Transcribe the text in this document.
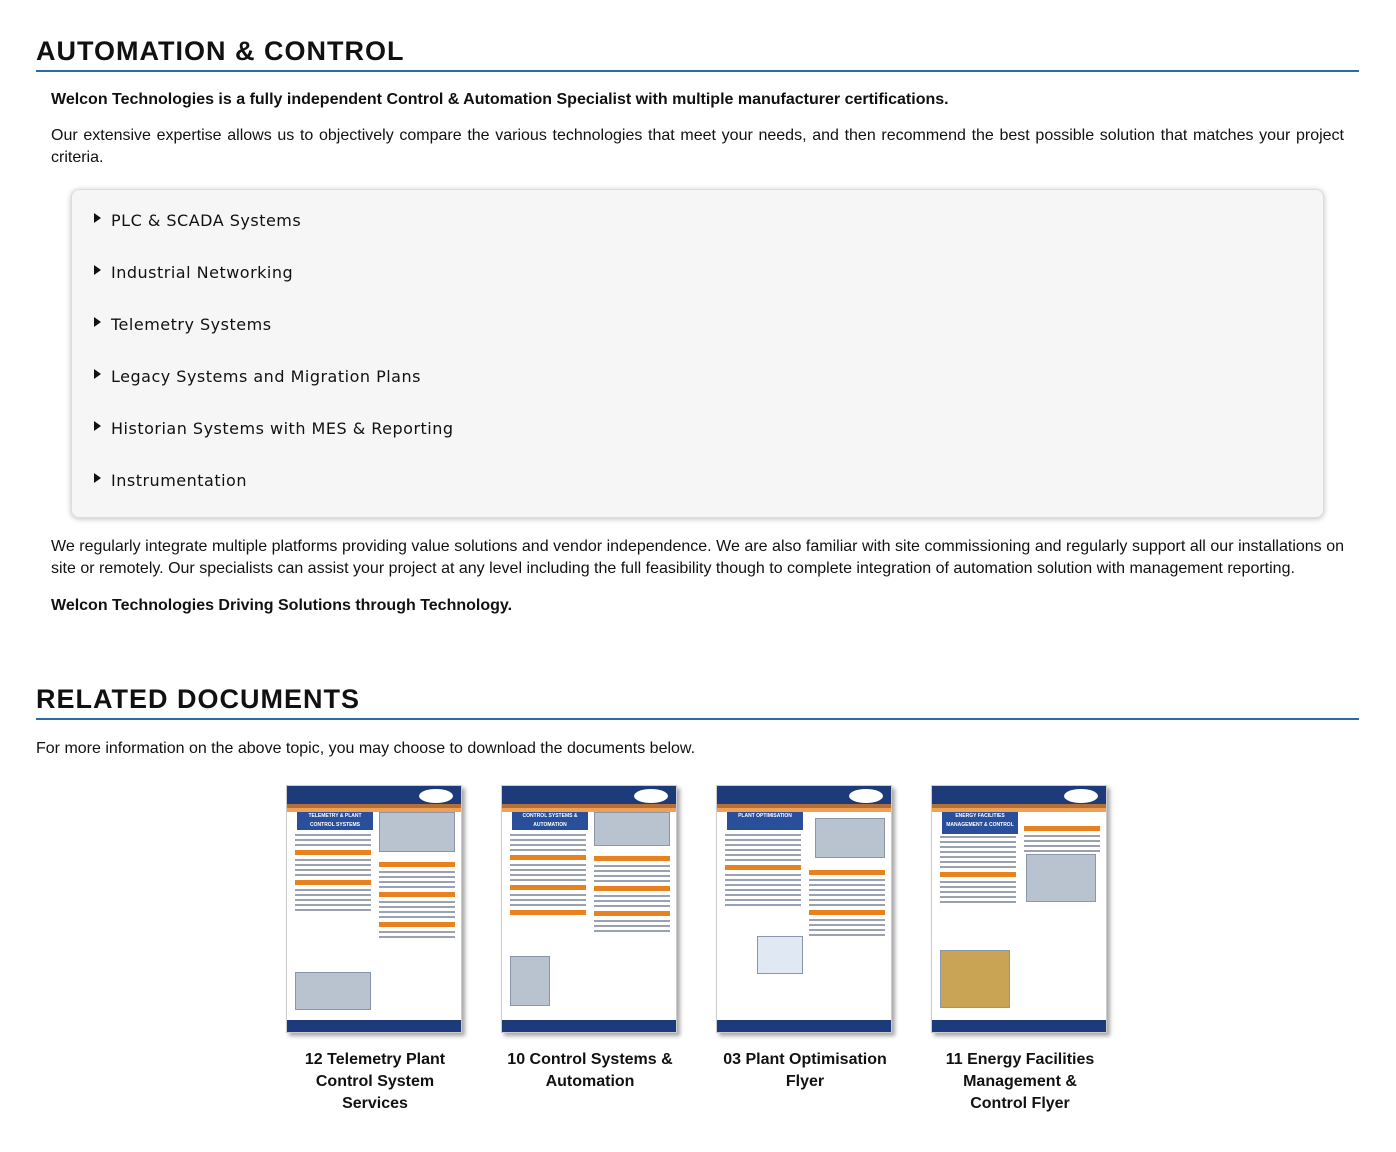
AUTOMATION & CONTROL

Welcon Technologies is a fully independent Control & Automation Specialist with multiple manufacturer certifications.

Our extensive expertise allows us to objectively compare the various technologies that meet your needs, and then recommend the best possible solution that matches your project criteria.

PLC & SCADA Systems
Industrial Networking
Telemetry Systems
Legacy Systems and Migration Plans
Historian Systems with MES & Reporting
Instrumentation

We regularly integrate multiple platforms providing value solutions and vendor independence. We are also familiar with site commissioning and regularly support all our installations on site or remotely. Our specialists can assist your project at any level including the full feasibility though to complete integration of automation solution with management reporting.

Welcon Technologies Driving Solutions through Technology.

RELATED DOCUMENTS

For more information on the above topic, you may choose to download the documents below.

TELEMETRY & PLANT CONTROL SYSTEMS
12 Telemetry Plant Control System Services
CONTROL SYSTEMS & AUTOMATION
10 Control Systems & Automation
PLANT OPTIMISATION
03 Plant Optimisation Flyer
ENERGY FACILITIES MANAGEMENT & CONTROL
11 Energy Facilities Management & Control Flyer
